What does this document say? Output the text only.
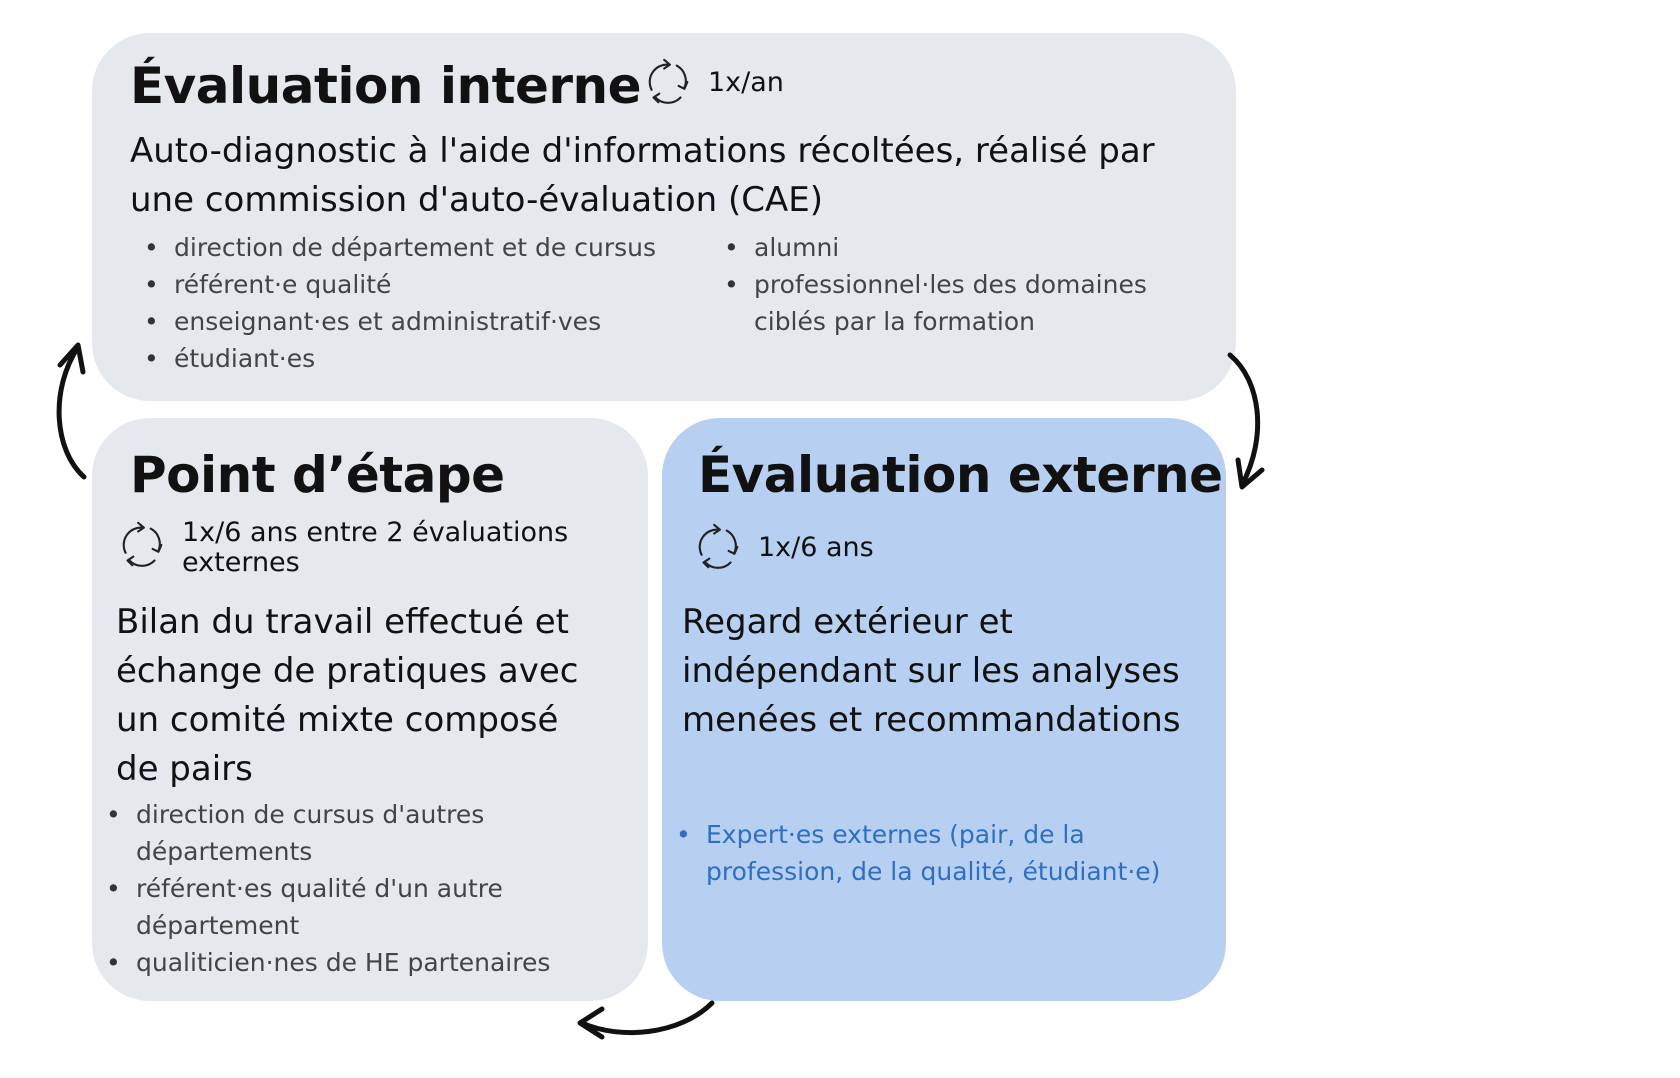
Évaluation interne 1x/an
Auto-diagnostic à l'aide d'informations récoltées, réalisé par une commission d'auto-évaluation (CAE)
• direction de département et de cursus
• référent·e qualité
• enseignant·es et administratif·ves
• étudiant·es
• alumni
• professionnel·les des domaines ciblés par la formation
Point d’étape
1x/6 ans entre 2 évaluations externes
Bilan du travail effectué et échange de pratiques avec un comité mixte composé de pairs
• direction de cursus d'autres départements
• référent·es qualité d'un autre département
• qualiticien·nes de HE partenaires
Évaluation externe
1x/6 ans
Regard extérieur et indépendant sur les analyses menées et recommandations
• Expert·es externes (pair, de la profession, de la qualité, étudiant·e)
